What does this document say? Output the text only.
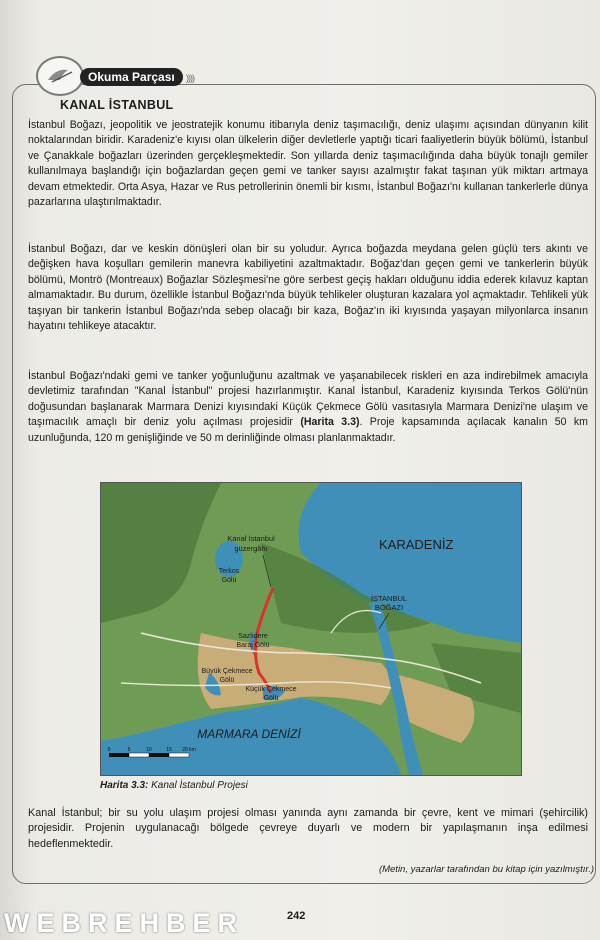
Okuma Parçası	))))
KANAL İSTANBUL
İstanbul Boğazı, jeopolitik ve jeostratejik konumu itibarıyla deniz taşımacılığı, deniz ulaşımı açısından dünyanın kilit noktalarından biridir. Karadeniz'e kıyısı olan ülkelerin diğer devletlerle yaptığı ticari faaliyetlerin büyük bölümü, İstanbul ve Çanakkale boğazları üzerinden gerçekleşmektedir. Son yıllarda deniz taşımacılığında daha büyük tonajlı gemiler kullanılmaya başlandığı için boğazlardan geçen gemi ve tanker sayısı azalmıştır fakat taşınan yük miktarı artmaya devam etmektedir. Orta Asya, Hazar ve Rus petrollerinin önemli bir kısmı, İstanbul Boğazı'nı kullanan tankerlerle dünya pazarlarına ulaştırılmaktadır.
İstanbul Boğazı, dar ve keskin dönüşleri olan bir su yoludur. Ayrıca boğazda meydana gelen güçlü ters akıntı ve değişken hava koşulları gemilerin manevra kabiliyetini azaltmaktadır. Boğaz'dan geçen gemi ve tankerlerin büyük bölümü, Montrö (Montreaux) Boğazlar Sözleşmesi'ne göre serbest geçiş hakları olduğunu iddia ederek kılavuz kaptan almamaktadır. Bu durum, özellikle İstanbul Boğazı'nda büyük tehlikeler oluşturan kazalara yol açmaktadır. Tehlikeli yük taşıyan bir tankerin İstanbul Boğazı'nda sebep olacağı bir kaza, Boğaz'ın iki kıyısında yaşayan milyonlarca insanın hayatını tehlikeye atacaktır.
İstanbul Boğazı'ndaki gemi ve tanker yoğunluğunu azaltmak ve yaşanabilecek riskleri en aza indirebilmek amacıyla devletimiz tarafından "Kanal İstanbul" projesi hazırlanmıştır. Kanal İstanbul, Karadeniz kıyısında Terkos Gölü'nün doğusundan başlanarak Marmara Denizi kıyısındaki Küçük Çekmece Gölü vasıtasıyla Marmara Denizi'ne ulaşım ve taşımacılık amaçlı bir deniz yolu açılması projesidir (Harita 3.3). Proje kapsamında açılacak kanalın 50 km uzunluğunda, 120 m genişliğinde ve 50 m derinliğinde olması planlanmaktadır.
Kanal İstanbul
güzergâhı	KARADENİZ
İSTANBUL
BOĞAZI
Terkos
Gölü
Sazlıdere
Baraj Gölü
Büyük Çekmece
Gölü
Küçük Çekmece
Gölü
MARMARA DENİZİ
0	5	10	15 20 km
Harita 3.3: Kanal İstanbul Projesi
Kanal İstanbul; bir su yolu ulaşım projesi olması yanında aynı zamanda bir çevre, kent ve mimari (şehircilik) projesidir. Projenin uygulanacağı bölgede çevreye duyarlı ve modern bir yapılaşmanın inşa edilmesi hedeflenmektedir.
(Metin, yazarlar tarafından bu kitap için yazılmıştır.)
242
WEBREHBER
